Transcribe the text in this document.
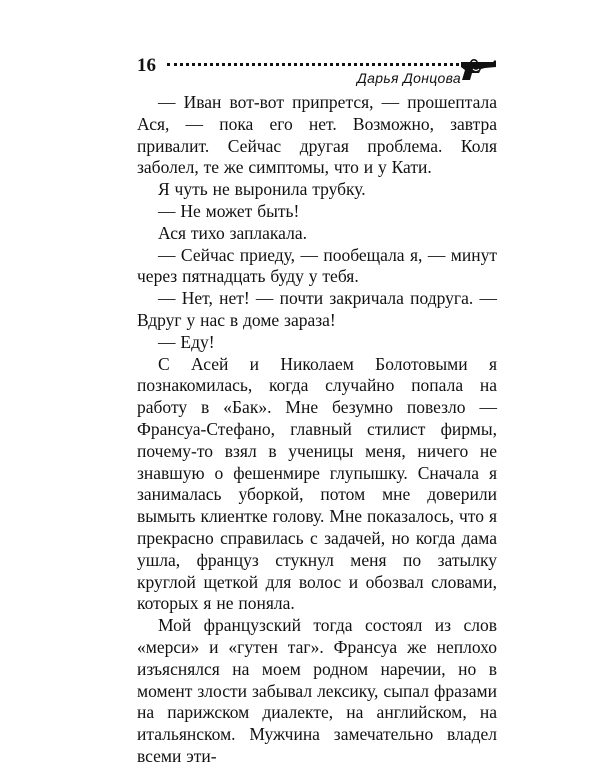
16
Дарья Донцова

— Иван вот-вот припрется, — прошептала Ася, — пока его нет. Возможно, завтра привалит. Сейчас другая проблема. Коля заболел, те же симптомы, что и у Кати.

Я чуть не выронила трубку.

— Не может быть!

Ася тихо заплакала.

— Сейчас приеду, — пообещала я, — минут через пятнадцать буду у тебя.

— Нет, нет! — почти закричала подруга. — Вдруг у нас в доме зараза!

— Еду!

С Асей и Николаем Болотовыми я познакомилась, когда случайно попала на работу в «Бак». Мне безумно повезло — Франсуа-Стефано, главный стилист фирмы, почему-то взял в ученицы меня, ничего не знавшую о фешенмире глупышку. Сначала я занималась уборкой, потом мне доверили вымыть клиентке голову. Мне показалось, что я прекрасно справилась с задачей, но когда дама ушла, француз стукнул меня по затылку круглой щеткой для волос и обозвал словами, которых я не поняла.

Мой французский тогда состоял из слов «мерси» и «гутен таг». Франсуа же неплохо изъяснялся на моем родном наречии, но в момент злости забывал лексику, сыпал фразами на парижском диалекте, на английском, на итальянском. Мужчина замечательно владел всеми эти-
